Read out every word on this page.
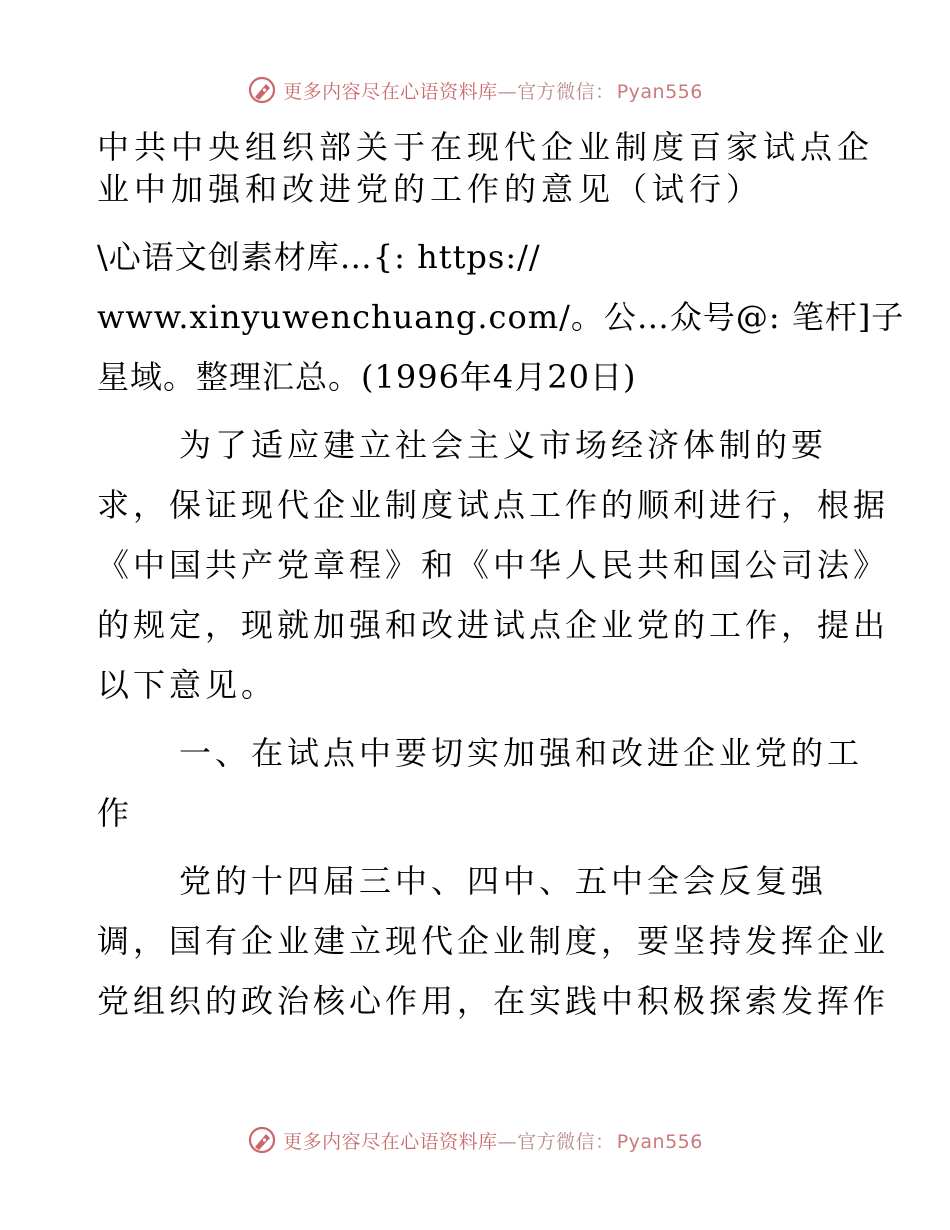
更多内容尽在心语资料库—官方微信： Pyan556
中共中央组织部关于在现代企业制度百家试点企
业中加强和改进党的工作的意见（试行）
\心语文创素材库…{: https://
www.xinyuwenchuang.com/。公…众号@: 笔杆]子
星域。整理汇总。(1996年4月20日)
为了适应建立社会主义市场经济体制的要
求，保证现代企业制度试点工作的顺利进行，根据
《中国共产党章程》和《中华人民共和国公司法》
的规定，现就加强和改进试点企业党的工作，提出
以下意见。
一、在试点中要切实加强和改进企业党的工
作
党的十四届三中、四中、五中全会反复强
调，国有企业建立现代企业制度，要坚持发挥企业
党组织的政治核心作用，在实践中积极探索发挥作
更多内容尽在心语资料库—官方微信： Pyan556
